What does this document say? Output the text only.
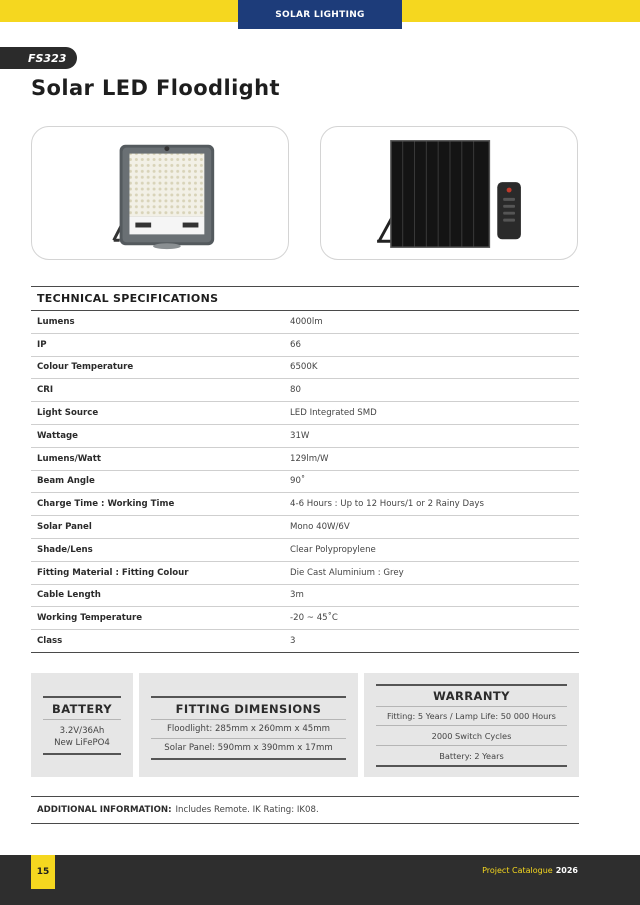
SOLAR LIGHTING
FS323
Solar LED Floodlight
TECHNICAL SPECIFICATIONS
Lumens	4000lm
IP	66
Colour Temperature	6500K
CRI	80
Light Source	LED Integrated SMD
Wattage	31W
Lumens/Watt	129lm/W
Beam Angle	90˚
Charge Time : Working Time	4-6 Hours : Up to 12 Hours/1 or 2 Rainy Days
Solar Panel	Mono 40W/6V
Shade/Lens	Clear Polypropylene
Fitting Material : Fitting Colour	Die Cast Aluminium : Grey
Cable Length	3m
Working Temperature	-20 ~ 45˚C
Class	3
BATTERY
3.2V/36Ah
New LiFePO4
FITTING DIMENSIONS
Floodlight: 285mm x 260mm x 45mm
Solar Panel: 590mm x 390mm x 17mm
WARRANTY
Fitting: 5 Years / Lamp Life: 50 000 Hours
2000 Switch Cycles
Battery: 2 Years
ADDITIONAL INFORMATION: Includes Remote. IK Rating: IK08.
15	Project Catalogue 2026
